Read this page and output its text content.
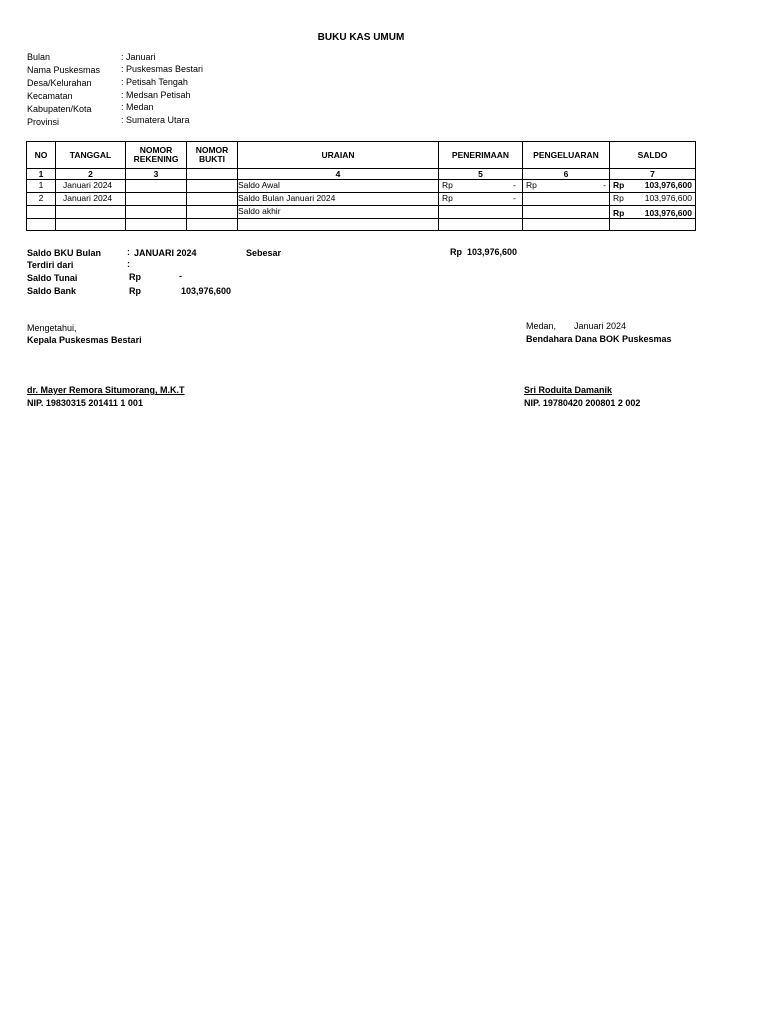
BUKU KAS UMUM
Bulan	: Januari
Nama Puskesmas : Puskesmas Bestari
Desa/Kelurahan	: Petisah Tengah
Kecamatan	: Medsan Petisah
Kabupaten/Kota	: Medan
Provinsi	: Sumatera Utara
NO	TANGGAL	NOMOR REKENING	NOMOR BUKTI	URAIAN	PENERIMAAN	PENGELUARAN	SALDO
1	2	3		4	5	6	7
1	Januari 2024			Saldo Awal	Rp -	Rp -	Rp 103,976,600

2	Januari 2024			Saldo Bulan Januari 2024	Rp -		Rp 103,976,600

				Saldo akhir			Rp 103,976,600

Saldo BKU Bulan	: JANUARI 2024	Sebesar	Rp  103,976,600
Terdiri dari	:
Saldo Tunai	Rp	-
Saldo Bank	Rp	103,976,600
Mengetahui,
Kepala Puskesmas Bestari
dr. Mayer Remora Situmorang, M.K.T
NIP. 19830315 201411 1 001
Medan, Januari 2024
Bendahara Dana BOK Puskesmas
Sri Roduita Damanik
NIP. 19780420 200801 2 002
